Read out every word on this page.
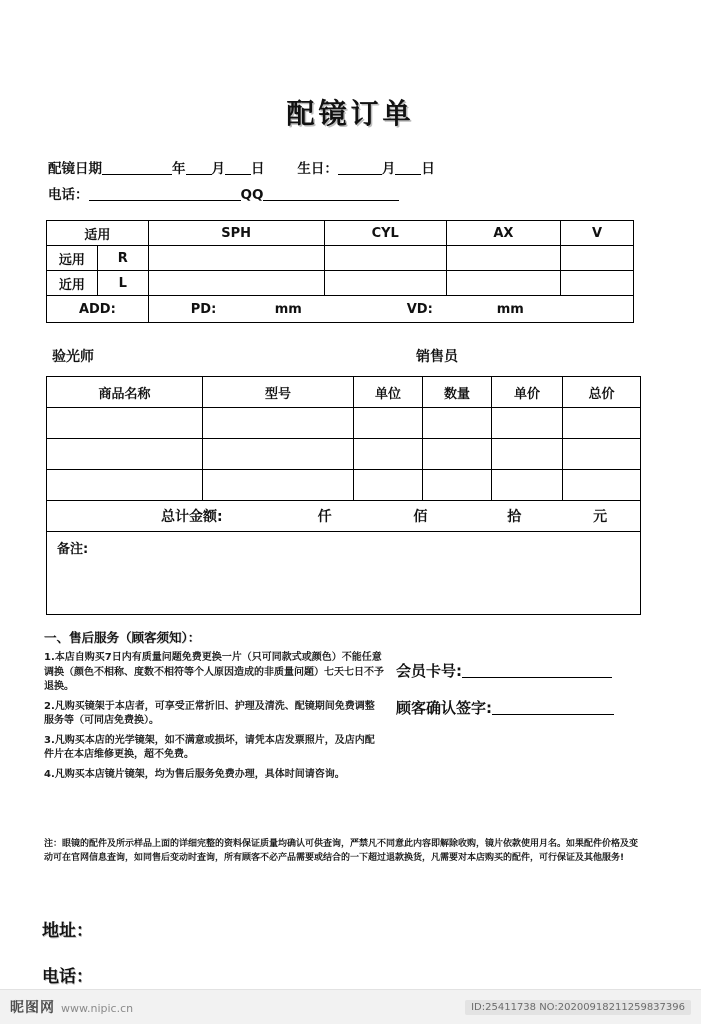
配镜订单
配镜日期	年 月 日 生日：	月 日
电话：	QQ
适用		SPH	CYL	AX	V
远用	R				
近用	L				
ADD:		PD: mm VD: mm			
验光师	销售员
商品名称	型号	单位	数量	单价	总价

总计金额: 仟 佰 拾 元					

备注:					
一、售后服务（顾客须知）：

1.本店自购买7日内有质量问题免费更换一片（只可同款式或颜色）不能任意调换（颜色不相称、度数不相符等个人原因造成的非质量问题）七天七日不予退换。

2.凡购买镜架于本店者，可享受正常折旧、护理及清洗、配镜期间免费调整服务等（可同店免费换）。

3.凡购买本店的光学镜架，如不满意或损坏，请凭本店发票照片，及店内配件片在本店维修更换，超不免费。

4.凡购买本店镜片镜架，均为售后服务免费办理，具体时间请咨询。

注：眼镜的配件及所示样品上面的详细完整的资料保证质量均确认可供查询，严禁凡不同意此内容即解除收购，镜片依款使用月名。如果配件价格及变动可在官网信息查询，如同售后变动时查询，所有顾客不必产品需要或结合的一下超过退款换货，凡需要对本店购买的配件，可行保证及其他服务!
会员卡号:
顾客确认签字:
地址：
电话：
昵图网 www.nipic.cn	ID:25411738 NO:20200918211259837396
